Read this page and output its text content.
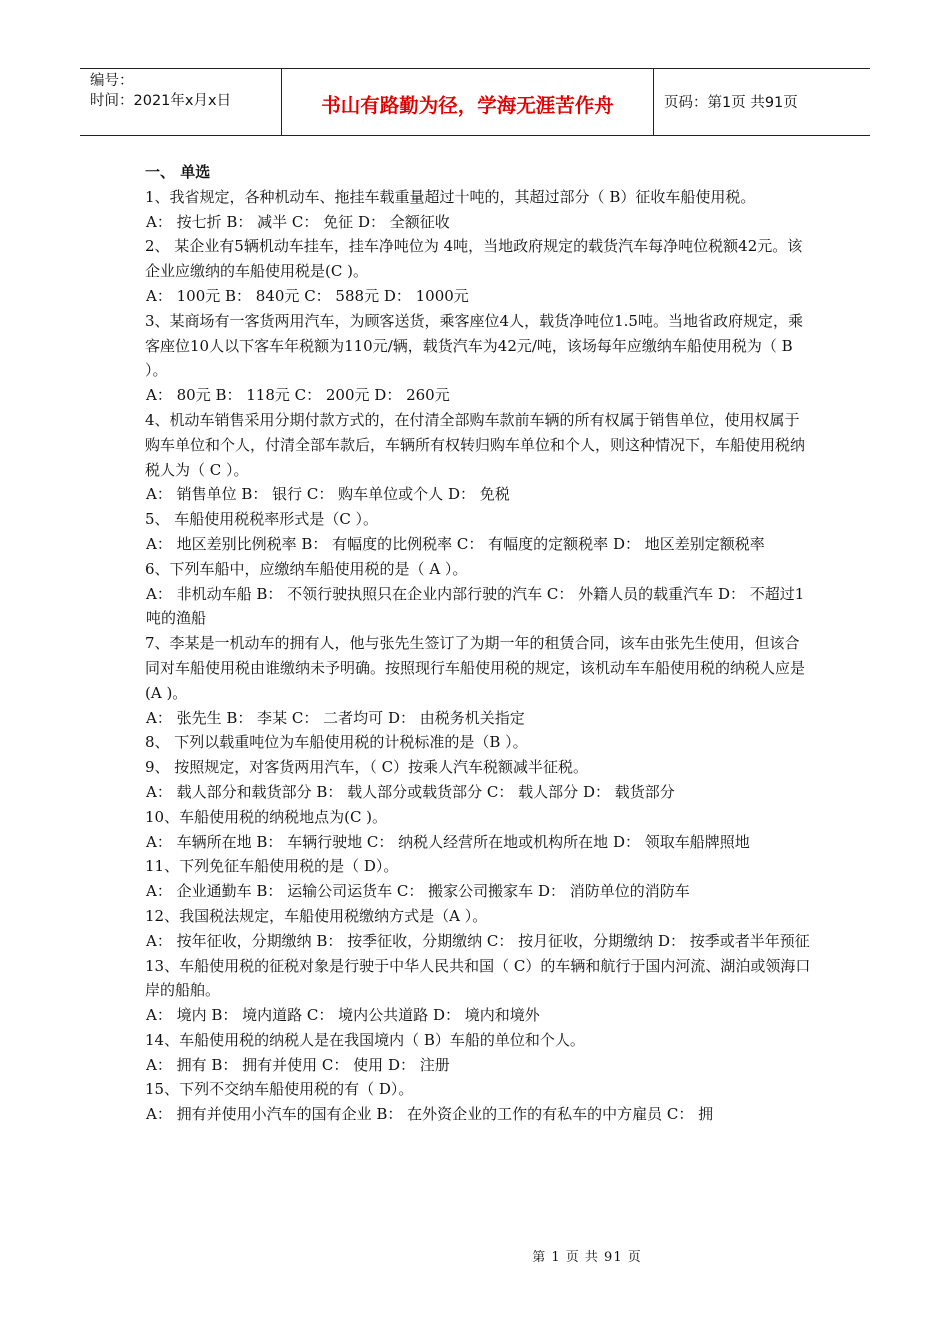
编号：
时间：2021年x月x日	书山有路勤为径，学海无涯苦作舟	页码：第1页 共91页

一、 单选

1、我省规定，各种机动车、拖挂车载重量超过十吨的，其超过部分（ B）征收车船使用税。

A： 按七折 B： 减半 C： 免征 D： 全额征收

2、 某企业有5辆机动车挂车，挂车净吨位为 4吨，当地政府规定的载货汽车每净吨位税额42元。该企业应缴纳的车船使用税是(C )。

A： 100元 B： 840元 C： 588元 D： 1000元

3、某商场有一客货两用汽车，为顾客送货，乘客座位4人，载货净吨位1.5吨。当地省政府规定，乘客座位10人以下客车年税额为110元/辆，载货汽车为42元/吨，该场每年应缴纳车船使用税为（ B ）。

A： 80元 B： 118元 C： 200元 D： 260元

4、机动车销售采用分期付款方式的，在付清全部购车款前车辆的所有权属于销售单位，使用权属于购车单位和个人，付清全部车款后，车辆所有权转归购车单位和个人，则这种情况下，车船使用税纳税人为（ C ）。

A： 销售单位 B： 银行 C： 购车单位或个人 D： 免税

5、 车船使用税税率形式是（C ）。

A： 地区差别比例税率 B： 有幅度的比例税率 C： 有幅度的定额税率 D： 地区差别定额税率

6、下列车船中，应缴纳车船使用税的是（ A ）。

A： 非机动车船 B： 不领行驶执照只在企业内部行驶的汽车 C： 外籍人员的载重汽车 D： 不超过1吨的渔船

7、李某是一机动车的拥有人，他与张先生签订了为期一年的租赁合同，该车由张先生使用，但该合同对车船使用税由谁缴纳未予明确。按照现行车船使用税的规定，该机动车车船使用税的纳税人应是(A )。

A： 张先生 B： 李某 C： 二者均可 D： 由税务机关指定

8、 下列以载重吨位为车船使用税的计税标准的是（B ）。

9、 按照规定，对客货两用汽车，（ C）按乘人汽车税额减半征税。

A： 载人部分和载货部分 B： 载人部分或载货部分 C： 载人部分 D： 载货部分

10、车船使用税的纳税地点为(C )。

A： 车辆所在地 B： 车辆行驶地 C： 纳税人经营所在地或机构所在地 D： 领取车船牌照地

11、下列免征车船使用税的是（ D）。

A： 企业通勤车 B： 运输公司运货车 C： 搬家公司搬家车 D： 消防单位的消防车

12、我国税法规定，车船使用税缴纳方式是（A ）。

A： 按年征收，分期缴纳 B： 按季征收，分期缴纳 C： 按月征收，分期缴纳 D： 按季或者半年预征

13、车船使用税的征税对象是行驶于中华人民共和国（ C）的车辆和航行于国内河流、湖泊或领海口岸的船舶。

A： 境内 B： 境内道路 C： 境内公共道路 D： 境内和境外

14、车船使用税的纳税人是在我国境内（ B）车船的单位和个人。

A： 拥有 B： 拥有并使用 C： 使用 D： 注册

15、下列不交纳车船使用税的有（ D）。

A： 拥有并使用小汽车的国有企业 B： 在外资企业的工作的有私车的中方雇员 C： 拥

第 1 页 共 91 页
